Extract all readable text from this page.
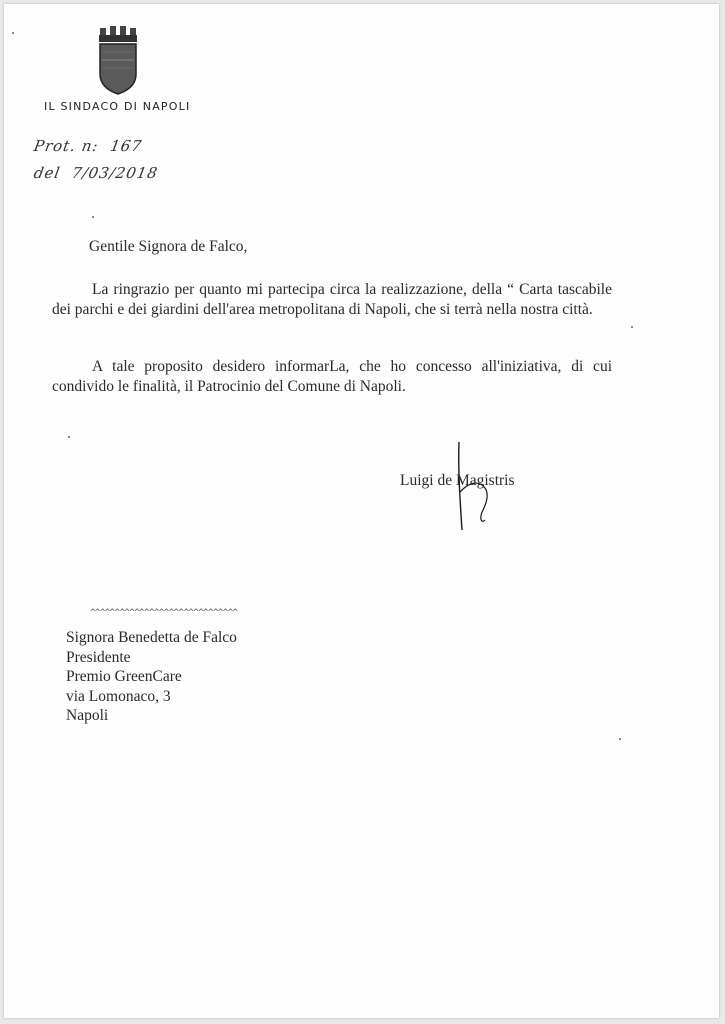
IL SINDACO DI NAPOLI
Prot. n: 167
del 7/03/2018
Gentile Signora de Falco,

La ringrazio per quanto mi partecipa circa la realizzazione, della “ Carta tascabile dei parchi e dei giardini dell'area metropolitana di Napoli, che si terrà nella nostra città.

A tale proposito desidero informarLa, che ho concesso all'iniziativa, di cui condivido le finalità, il Patrocinio del Comune di Napoli.

Luigi de Magistris
^^^^^^^^^^^^^^^^^^^^^^^^^^^^^^
Signora Benedetta de Falco
Presidente
Premio GreenCare
via Lomonaco, 3
Napoli
